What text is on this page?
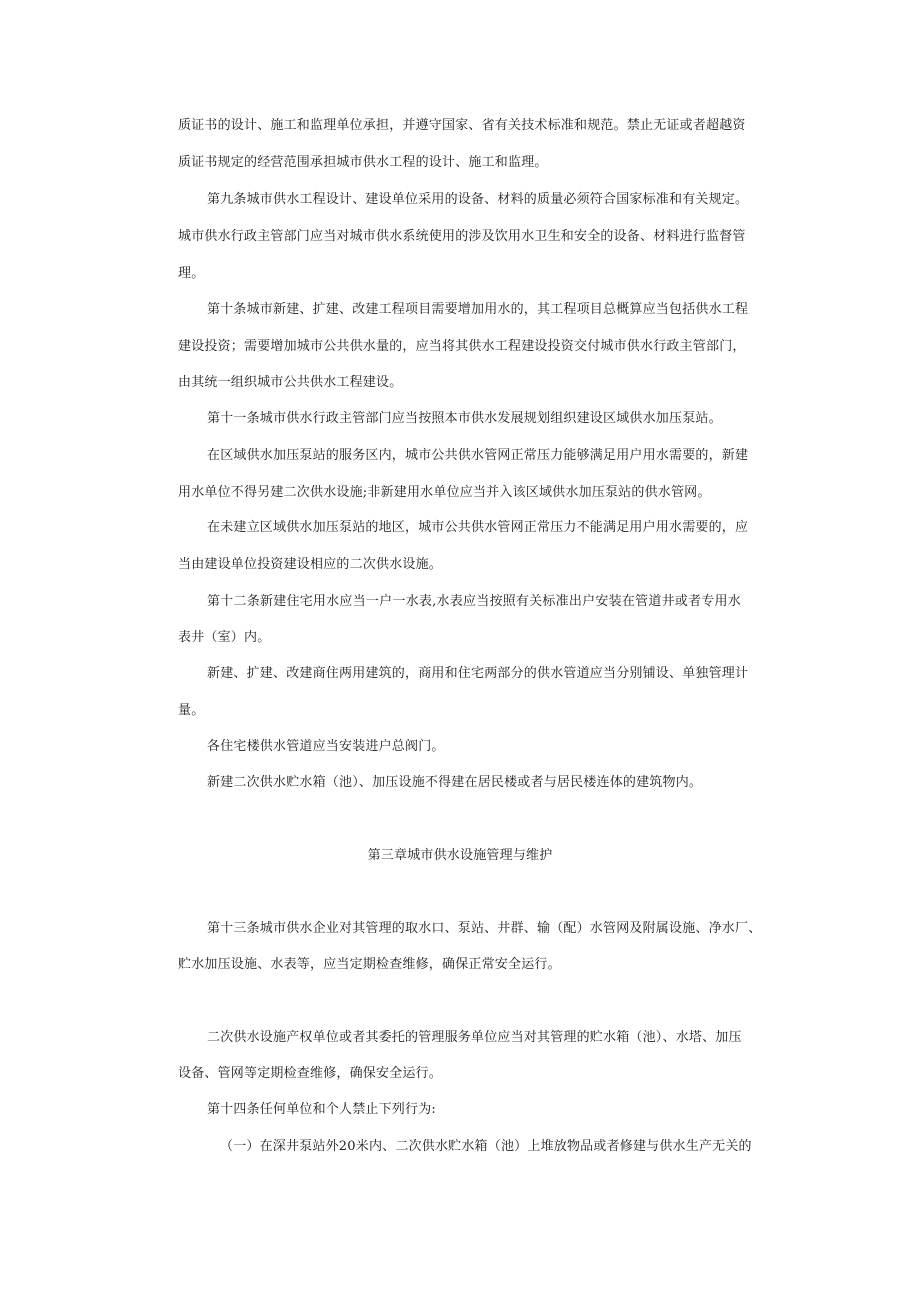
质证书的设计、施工和监理单位承担，并遵守国家、省有关技术标准和规范。禁止无证或者超越资
质证书规定的经营范围承担城市供水工程的设计、施工和监理。
第九条城市供水工程设计、建设单位采用的设备、材料的质量必须符合国家标准和有关规定。
城市供水行政主管部门应当对城市供水系统使用的涉及饮用水卫生和安全的设备、材料进行监督管
理。
第十条城市新建、扩建、改建工程项目需要增加用水的，其工程项目总概算应当包括供水工程
建设投资；需要增加城市公共供水量的，应当将其供水工程建设投资交付城市供水行政主管部门，
由其统一组织城市公共供水工程建设。
第十一条城市供水行政主管部门应当按照本市供水发展规划组织建设区域供水加压泵站。
在区域供水加压泵站的服务区内，城市公共供水管网正常压力能够满足用户用水需要的，新建
用水单位不得另建二次供水设施;非新建用水单位应当并入该区域供水加压泵站的供水管网。
在未建立区域供水加压泵站的地区，城市公共供水管网正常压力不能满足用户用水需要的，应
当由建设单位投资建设相应的二次供水设施。
第十二条新建住宅用水应当一户一水表,水表应当按照有关标准出户安装在管道井或者专用水
表井（室）内。
新建、扩建、改建商住两用建筑的，商用和住宅两部分的供水管道应当分别铺设、单独管理计
量。
各住宅楼供水管道应当安装进户总阀门。
新建二次供水贮水箱（池）、加压设施不得建在居民楼或者与居民楼连体的建筑物内。
第三章城市供水设施管理与维护
第十三条城市供水企业对其管理的取水口、泵站、井群、输（配）水管网及附属设施、净水厂、
贮水加压设施、水表等，应当定期检查维修，确保正常安全运行。
二次供水设施产权单位或者其委托的管理服务单位应当对其管理的贮水箱（池）、水塔、加压
设备、管网等定期检查维修，确保安全运行。
第十四条任何单位和个人禁止下列行为:
（一）在深井泵站外20米内、二次供水贮水箱（池）上堆放物品或者修建与供水生产无关的
